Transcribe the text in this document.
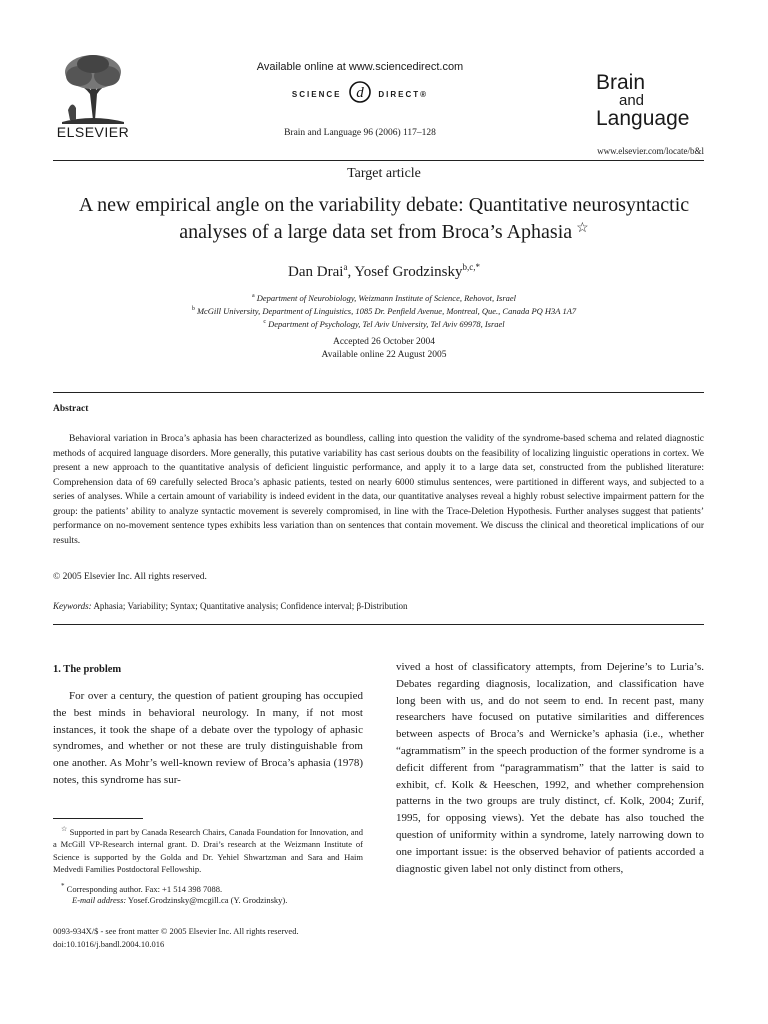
ELSEVIER
Available online at www.sciencedirect.com
SCIENCE d DIRECT®
Brain and Language 96 (2006) 117–128
Brain
and
Language
www.elsevier.com/locate/b&l
Target article
A new empirical angle on the variability debate: Quantitative neurosyntactic analyses of a large data set from Broca’s Aphasia ☆
Dan Drai$^a$, Yosef Grodzinsky$^{b,c,*}$
$^a$ Department of Neurobiology, Weizmann Institute of Science, Rehovot, Israel
$^b$ McGill University, Department of Linguistics, 1085 Dr. Penfield Avenue, Montreal, Que., Canada PQ H3A 1A7
$^c$ Department of Psychology, Tel Aviv University, Tel Aviv 69978, Israel
Accepted 26 October 2004
Available online 22 August 2005
Abstract

Behavioral variation in Broca’s aphasia has been characterized as boundless, calling into question the validity of the syndrome-based schema and related diagnostic methods of acquired language disorders. More generally, this putative variability has cast serious doubts on the feasibility of localizing linguistic operations in cortex. We present a new approach to the quantitative analysis of deficient linguistic performance, and apply it to a large data set, constructed from the published literature: Comprehension data of 69 carefully selected Broca’s aphasic patients, tested on nearly 6000 stimulus sentences, were partitioned in different ways, and subjected to a series of analyses. While a certain amount of variability is indeed evident in the data, our quantitative analyses reveal a highly robust selective impairment pattern for the group: the patients’ ability to analyze syntactic movement is severely compromised, in line with the Trace-Deletion Hypothesis. Further analyses suggest that patients’ performance on no-movement sentence types exhibits less variation than on sentences that contain movement. We discuss the clinical and theoretical implications of our results.

© 2005 Elsevier Inc. All rights reserved.
Keywords: Aphasia; Variability; Syntax; Quantitative analysis; Confidence interval; β-Distribution
1. The problem

For over a century, the question of patient grouping has occupied the best minds in behavioral neurology. In many, if not most instances, it took the shape of a debate over the typology of aphasic syndromes, and whether or not these are truly distinguishable from one another. As Mohr’s well-known review of Broca’s aphasia (1978) notes, this syndrome has sur-

vived a host of classificatory attempts, from Dejerine’s to Luria’s. Debates regarding diagnosis, localization, and classification have long been with us, and do not seem to end. In recent past, many researchers have focused on putative similarities and differences between aspects of Broca’s and Wernicke’s aphasia (i.e., whether “agrammatism” in the speech production of the former syndrome is a deficit different from “paragrammatism” that the latter is said to exhibit, cf. Kolk & Heeschen, 1992, and whether comprehension patterns in the two groups are truly distinct, cf. Kolk, 2004; Zurif, 1995, for opposing views). Yet the debate has also touched the question of uniformity within a syndrome, lately narrowing down to one important issue: is the observed behavior of patients accorded a diagnostic given label not only distinct from others,

☆ Supported in part by Canada Research Chairs, Canada Foundation for Innovation, and a McGill VP-Research internal grant. D. Drai’s research at the Weizmann Institute of Science is supported by the Golda and Dr. Yehiel Shwartzman and Sara and Haim Medvedi Families Postdoctoral Fellowship.

* Corresponding author. Fax: +1 514 398 7088.
E-mail address: Yosef.Grodzinsky@mcgill.ca (Y. Grodzinsky).
0093-934X/$ - see front matter © 2005 Elsevier Inc. All rights reserved.
doi:10.1016/j.bandl.2004.10.016
